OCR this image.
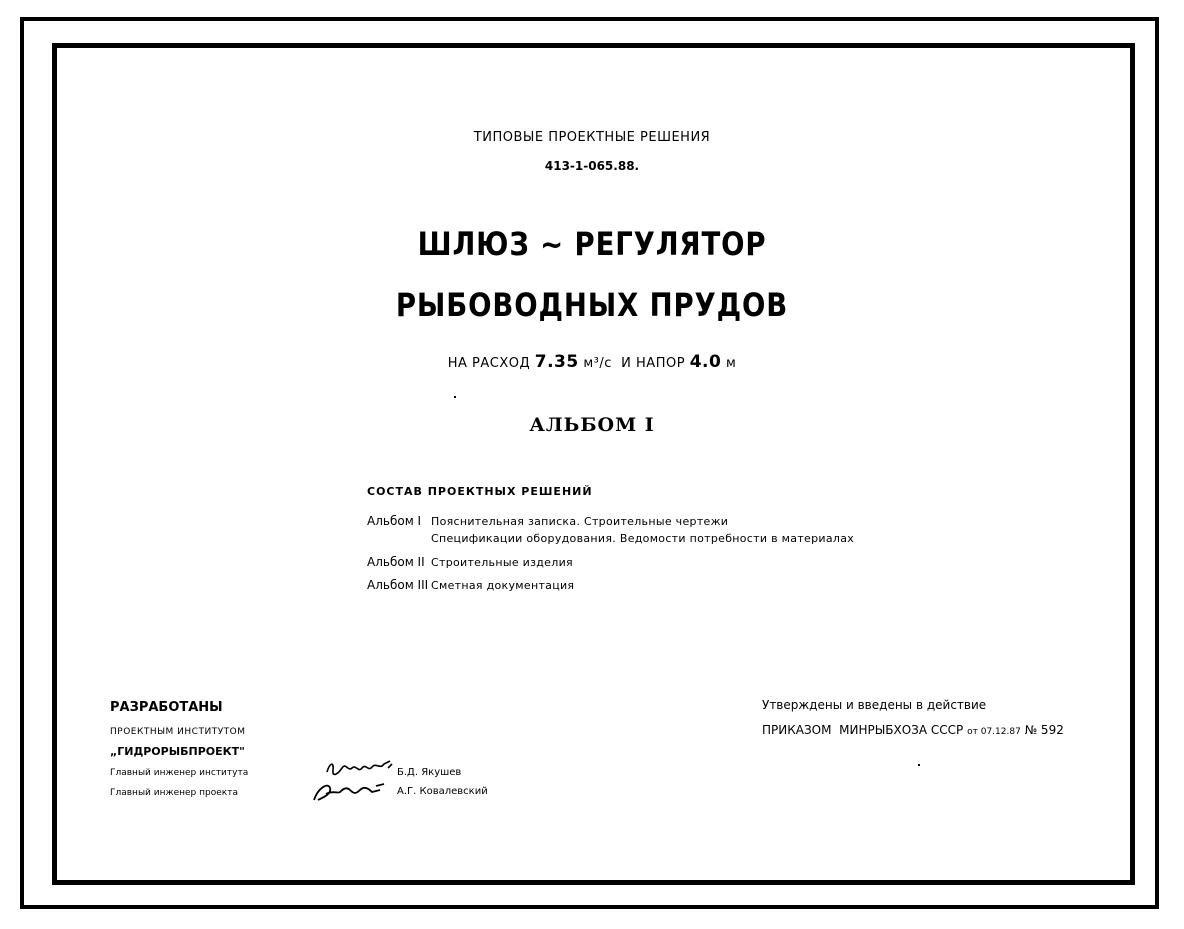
ТИПОВЫЕ ПРОЕКТНЫЕ РЕШЕНИЯ
413-1-065.88.
ШЛЮЗ ~ РЕГУЛЯТОР
РЫБОВОДНЫХ ПРУДОВ
НА РАСХОД 7.35 м³/с И НАПОР 4.0 м
АЛЬБОМ I
СОСТАВ ПРОЕКТНЫХ РЕШЕНИЙ
Альбом I Пояснительная записка. Строительные чертежи
Спецификации оборудования. Ведомости потребности в материалах
Альбом II Строительные изделия
Альбом III Сметная документация
РАЗРАБОТАНЫ
ПРОЕКТНЫМ ИНСТИТУТОМ
„ГИДРОРЫБПРОЕКТ"
Главный инженер института
Главный инженер проекта
Б.Д. Якушев
А.Г. Ковалевский
Утверждены и введены в действие
ПРИКАЗОМ МИНРЫБХОЗА СССР от 07.12.87 № 592
